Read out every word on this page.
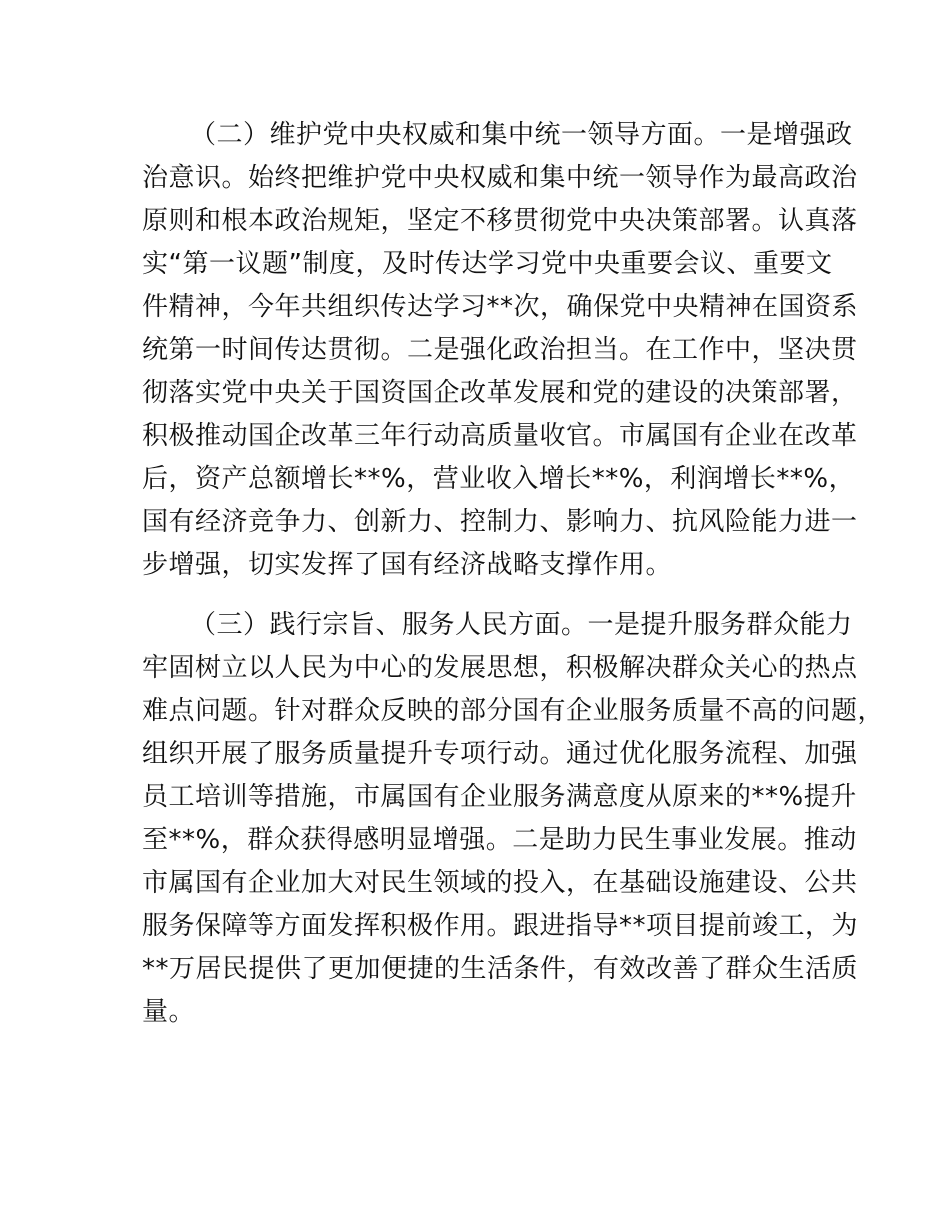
（二）维护党中央权威和集中统一领导方面。一是增强政
治意识。始终把维护党中央权威和集中统一领导作为最高政治
原则和根本政治规矩，坚定不移贯彻党中央决策部署。认真落
实“第一议题”制度，及时传达学习党中央重要会议、重要文
件精神，今年共组织传达学习**次，确保党中央精神在国资系
统第一时间传达贯彻。二是强化政治担当。在工作中，坚决贯
彻落实党中央关于国资国企改革发展和党的建设的决策部署，
积极推动国企改革三年行动高质量收官。市属国有企业在改革
后，资产总额增长**%，营业收入增长**%，利润增长**%，
国有经济竞争力、创新力、控制力、影响力、抗风险能力进一
步增强，切实发挥了国有经济战略支撑作用。
（三）践行宗旨、服务人民方面。一是提升服务群众能力
牢固树立以人民为中心的发展思想，积极解决群众关心的热点
难点问题。针对群众反映的部分国有企业服务质量不高的问题，
组织开展了服务质量提升专项行动。通过优化服务流程、加强
员工培训等措施，市属国有企业服务满意度从原来的**%提升
至**%，群众获得感明显增强。二是助力民生事业发展。推动
市属国有企业加大对民生领域的投入，在基础设施建设、公共
服务保障等方面发挥积极作用。跟进指导**项目提前竣工，为
**万居民提供了更加便捷的生活条件，有效改善了群众生活质
量。
